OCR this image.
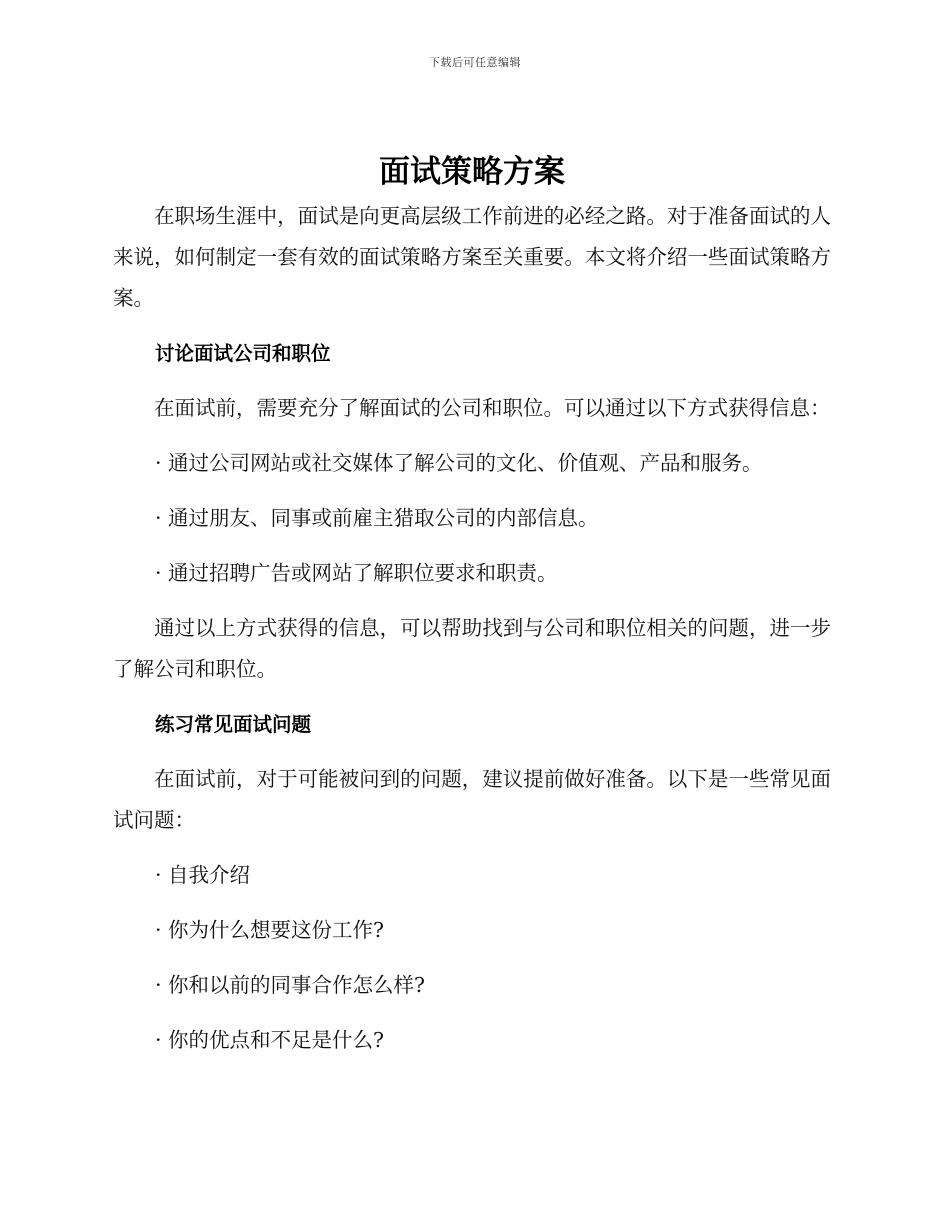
下载后可任意编辑
面试策略方案

在职场生涯中，面试是向更高层级工作前进的必经之路。对于准备面试的人来说，如何制定一套有效的面试策略方案至关重要。本文将介绍一些面试策略方案。

讨论面试公司和职位

在面试前，需要充分了解面试的公司和职位。可以通过以下方式获得信息：

· 通过公司网站或社交媒体了解公司的文化、价值观、产品和服务。

· 通过朋友、同事或前雇主猎取公司的内部信息。

· 通过招聘广告或网站了解职位要求和职责。

通过以上方式获得的信息，可以帮助找到与公司和职位相关的问题，进一步了解公司和职位。

练习常见面试问题

在面试前，对于可能被问到的问题，建议提前做好准备。以下是一些常见面试问题：

· 自我介绍

· 你为什么想要这份工作?

· 你和以前的同事合作怎么样?

· 你的优点和不足是什么?
